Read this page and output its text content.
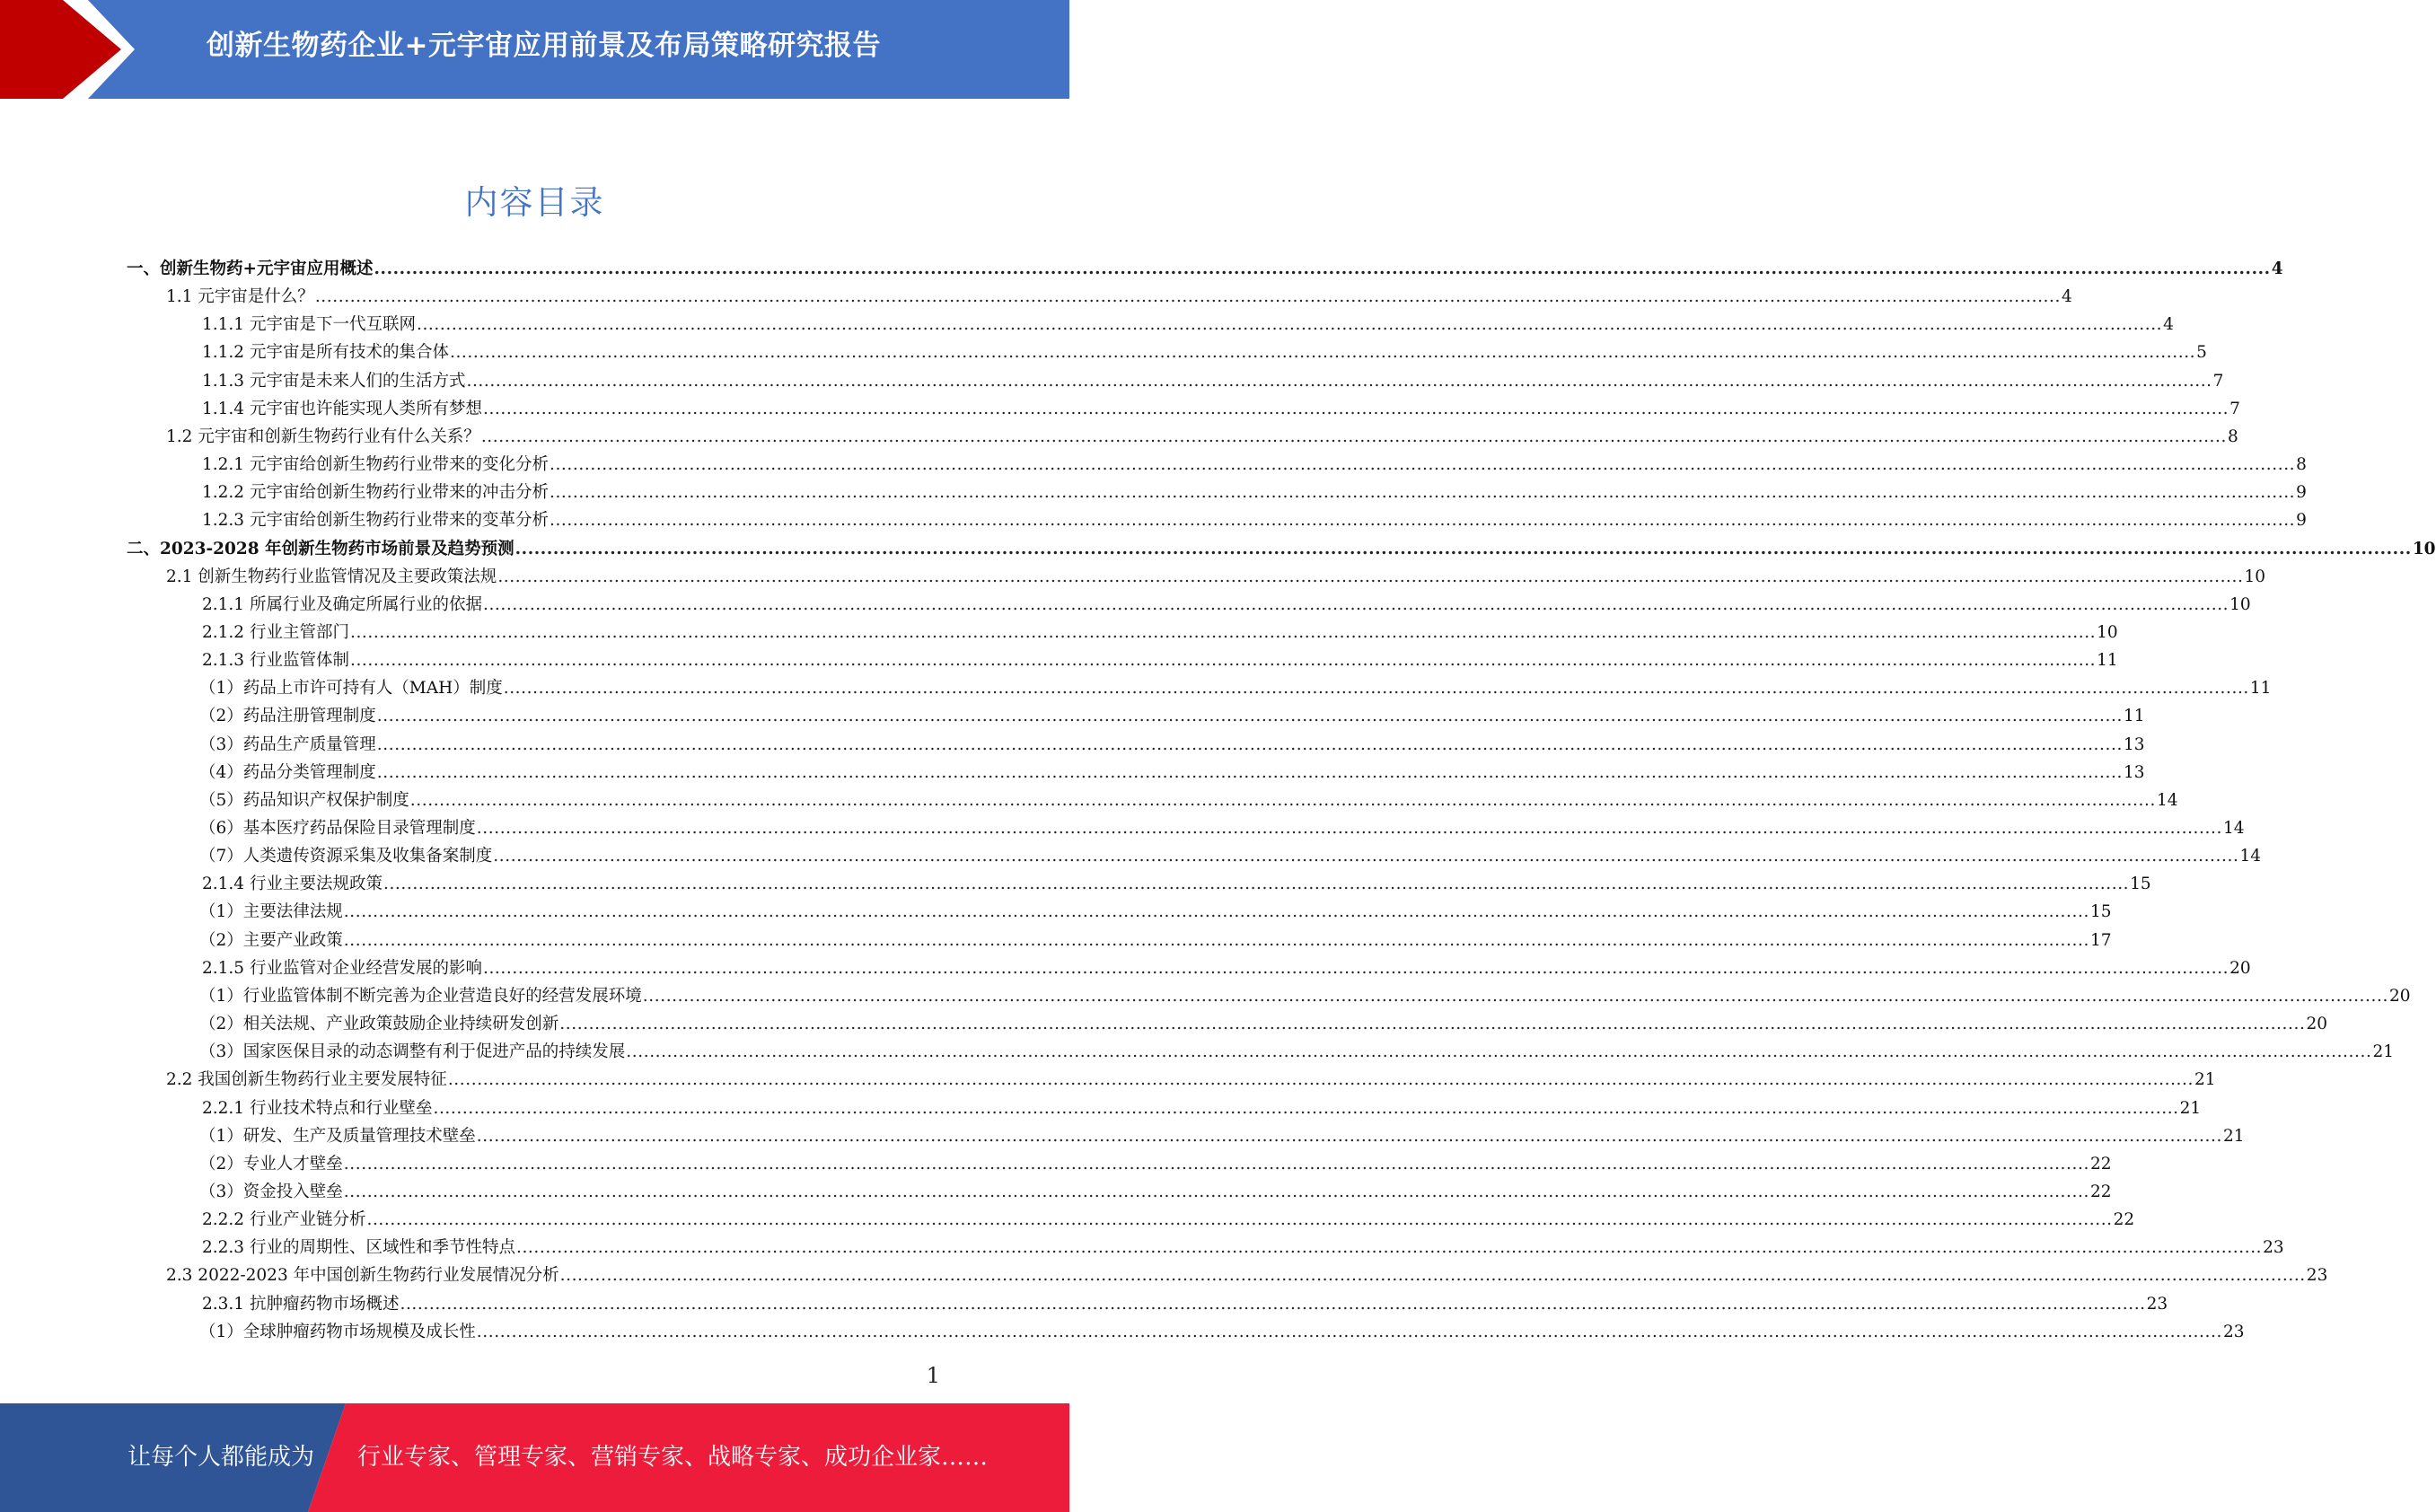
创新生物药企业+元宇宙应用前景及布局策略研究报告
内容目录
一、创新生物药+元宇宙应用概述 ............................................................................................................................................................................................................................................................................................................ 4
1.1 元宇宙是什么？ ............................................................................................................................................................................................................................................................................................................ 4
1.1.1 元宇宙是下一代互联网 ............................................................................................................................................................................................................................................................................................................ 4
1.1.2 元宇宙是所有技术的集合体 ............................................................................................................................................................................................................................................................................................................ 5
1.1.3 元宇宙是未来人们的生活方式 ............................................................................................................................................................................................................................................................................................................ 7
1.1.4 元宇宙也许能实现人类所有梦想 ............................................................................................................................................................................................................................................................................................................ 7
1.2 元宇宙和创新生物药行业有什么关系？ ............................................................................................................................................................................................................................................................................................................ 8
1.2.1 元宇宙给创新生物药行业带来的变化分析 ............................................................................................................................................................................................................................................................................................................ 8
1.2.2 元宇宙给创新生物药行业带来的冲击分析 ............................................................................................................................................................................................................................................................................................................ 9
1.2.3 元宇宙给创新生物药行业带来的变革分析 ............................................................................................................................................................................................................................................................................................................ 9
二、2023-2028 年创新生物药市场前景及趋势预测 ............................................................................................................................................................................................................................................................................................................ 10
2.1 创新生物药行业监管情况及主要政策法规 ............................................................................................................................................................................................................................................................................................................ 10
2.1.1 所属行业及确定所属行业的依据 ............................................................................................................................................................................................................................................................................................................ 10
2.1.2 行业主管部门 ............................................................................................................................................................................................................................................................................................................ 10
2.1.3 行业监管体制 ............................................................................................................................................................................................................................................................................................................ 11
（1）药品上市许可持有人（MAH）制度 ............................................................................................................................................................................................................................................................................................................ 11
（2）药品注册管理制度 ............................................................................................................................................................................................................................................................................................................ 11
（3）药品生产质量管理 ............................................................................................................................................................................................................................................................................................................ 13
（4）药品分类管理制度 ............................................................................................................................................................................................................................................................................................................ 13
（5）药品知识产权保护制度 ............................................................................................................................................................................................................................................................................................................ 14
（6）基本医疗药品保险目录管理制度 ............................................................................................................................................................................................................................................................................................................ 14
（7）人类遗传资源采集及收集备案制度 ............................................................................................................................................................................................................................................................................................................ 14
2.1.4 行业主要法规政策 ............................................................................................................................................................................................................................................................................................................ 15
（1）主要法律法规 ............................................................................................................................................................................................................................................................................................................ 15
（2）主要产业政策 ............................................................................................................................................................................................................................................................................................................ 17
2.1.5 行业监管对企业经营发展的影响 ............................................................................................................................................................................................................................................................................................................ 20
（1）行业监管体制不断完善为企业营造良好的经营发展环境 ............................................................................................................................................................................................................................................................................................................ 20
（2）相关法规、产业政策鼓励企业持续研发创新 ............................................................................................................................................................................................................................................................................................................ 20
（3）国家医保目录的动态调整有利于促进产品的持续发展 ............................................................................................................................................................................................................................................................................................................ 21
2.2 我国创新生物药行业主要发展特征 ............................................................................................................................................................................................................................................................................................................ 21
2.2.1 行业技术特点和行业壁垒 ............................................................................................................................................................................................................................................................................................................ 21
（1）研发、生产及质量管理技术壁垒 ............................................................................................................................................................................................................................................................................................................ 21
（2）专业人才壁垒 ............................................................................................................................................................................................................................................................................................................ 22
（3）资金投入壁垒 ............................................................................................................................................................................................................................................................................................................ 22
2.2.2 行业产业链分析 ............................................................................................................................................................................................................................................................................................................ 22
2.2.3 行业的周期性、区域性和季节性特点 ............................................................................................................................................................................................................................................................................................................ 23
2.3 2022-2023 年中国创新生物药行业发展情况分析 ............................................................................................................................................................................................................................................................................................................ 23
2.3.1 抗肿瘤药物市场概述 ............................................................................................................................................................................................................................................................................................................ 23
（1）全球肿瘤药物市场规模及成长性 ............................................................................................................................................................................................................................................................................................................ 23
1
让每个人都能成为 行业专家、管理专家、营销专家、战略专家、成功企业家……
